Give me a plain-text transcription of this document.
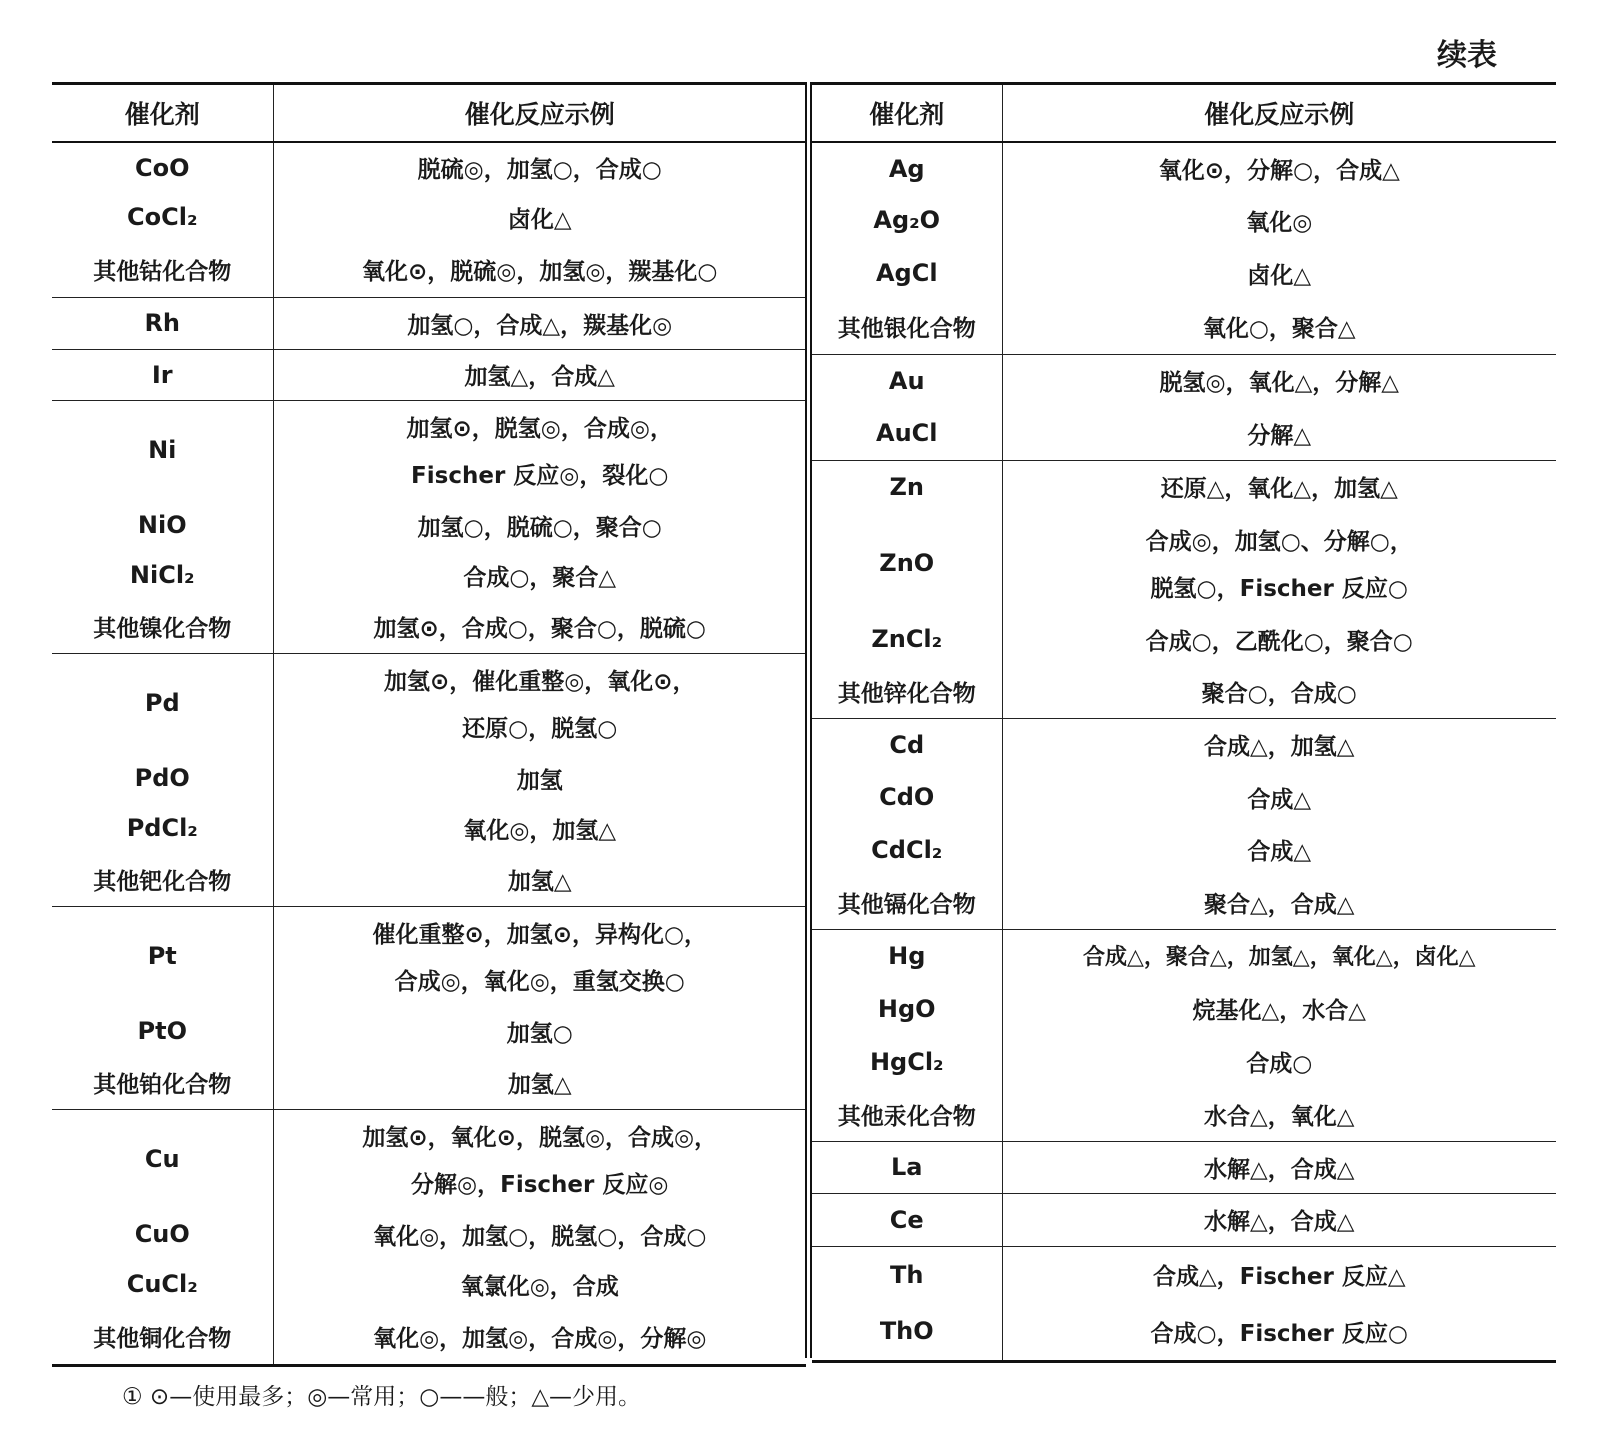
续表
催化剂	催化反应示例
CoO	脱硫◎，加氢○，合成○
CoCl₂	卤化△
其他钴化合物	氧化⊙，脱硫◎，加氢◎，羰基化○
Rh	加氢○，合成△，羰基化◎
Ir	加氢△，合成△
Ni	加氢⊙，脱氢◎，合成◎，
Fischer 反应◎，裂化○

NiO	加氢○，脱硫○，聚合○
NiCl₂	合成○，聚合△
其他镍化合物	加氢⊙，合成○，聚合○，脱硫○
Pd	加氢⊙，催化重整◎，氧化⊙，
还原○，脱氢○

PdO	加氢
PdCl₂	氧化◎，加氢△
其他钯化合物	加氢△
Pt	催化重整⊙，加氢⊙，异构化○，
合成◎，氧化◎，重氢交换○

PtO	加氢○
其他铂化合物	加氢△
Cu	加氢⊙，氧化⊙，脱氢◎，合成◎，
分解◎，Fischer 反应◎

CuO	氧化◎，加氢○，脱氢○，合成○
CuCl₂	氧氯化◎，合成
其他铜化合物	氧化◎，加氢◎，合成◎，分解◎
催化剂	催化反应示例
Ag	氧化⊙，分解○，合成△
Ag₂O	氧化◎
AgCl	卤化△
其他银化合物	氧化○，聚合△
Au	脱氢◎，氧化△，分解△
AuCl	分解△
Zn	还原△，氧化△，加氢△
ZnO	合成◎，加氢○、分解○，
脱氢○，Fischer 反应○

ZnCl₂	合成○，乙酰化○，聚合○
其他锌化合物	聚合○，合成○
Cd	合成△，加氢△
CdO	合成△
CdCl₂	合成△
其他镉化合物	聚合△，合成△
Hg	合成△，聚合△，加氢△，氧化△，卤化△
HgO	烷基化△，水合△
HgCl₂	合成○
其他汞化合物	水合△，氧化△
La	水解△，合成△
Ce	水解△，合成△
Th	合成△，Fischer 反应△
ThO	合成○，Fischer 反应○
① ⊙—使用最多；◎—常用；○——般；△—少用。
